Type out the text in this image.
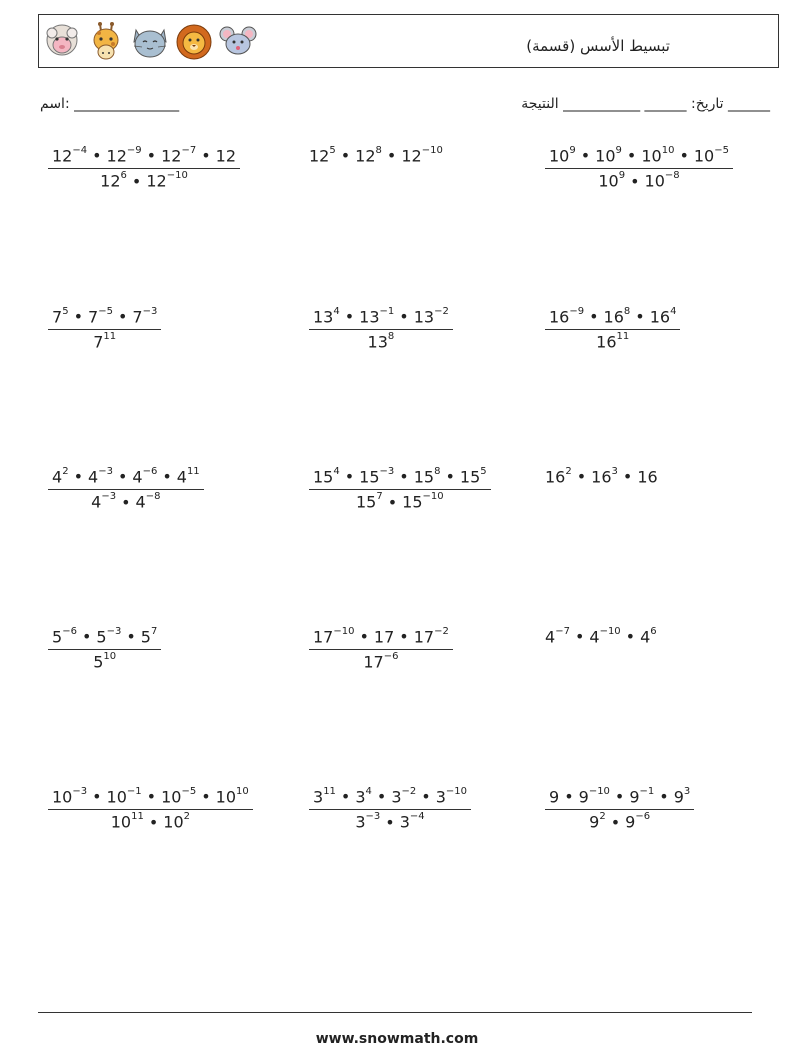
تبسيط الأسس (قسمة)
اسم: _______________	تاريخ: ______ ___________ النتيجة ______
$\frac{12^{-4} • 12^{-9} • 12^{-7} • 12}{12^6 • 12^{-10}}$	$12^5$ • $12^8$ • $12^{-10}$	$\frac{10^9 • 10^9 • 10^{10} • 10^{-5}}{10^9 • 10^{-8}}$
$\frac{7^5 • 7^{-5} • 7^{-3}}{7^{11}}$	$\frac{13^4 • 13^{-1} • 13^{-2}}{13^8}$	$\frac{16^{-9} • 16^8 • 16^4}{16^{11}}$
$\frac{4^2 • 4^{-3} • 4^{-6} • 4^{11}}{4^{-3} • 4^{-8}}$	$\frac{15^4 • 15^{-3} • 15^8 • 15^5}{15^7 • 15^{-10}}$	$16^2$ • $16^3$ • 16
$\frac{5^{-6} • 5^{-3} • 5^7}{5^{10}}$	$\frac{17^{-10} • 17 • 17^{-2}}{17^{-6}}$	$4^{-7}$ • $4^{-10}$ • $4^6$
$\frac{10^{-3} • 10^{-1} • 10^{-5} • 10^{10}}{10^{11} • 10^2}$	$\frac{3^{11} • 3^4 • 3^{-2} • 3^{-10}}{3^{-3} • 3^{-4}}$	$\frac{9 • 9^{-10} • 9^{-1} • 9^3}{9^2 • 9^{-6}}$
www.snowmath.com
